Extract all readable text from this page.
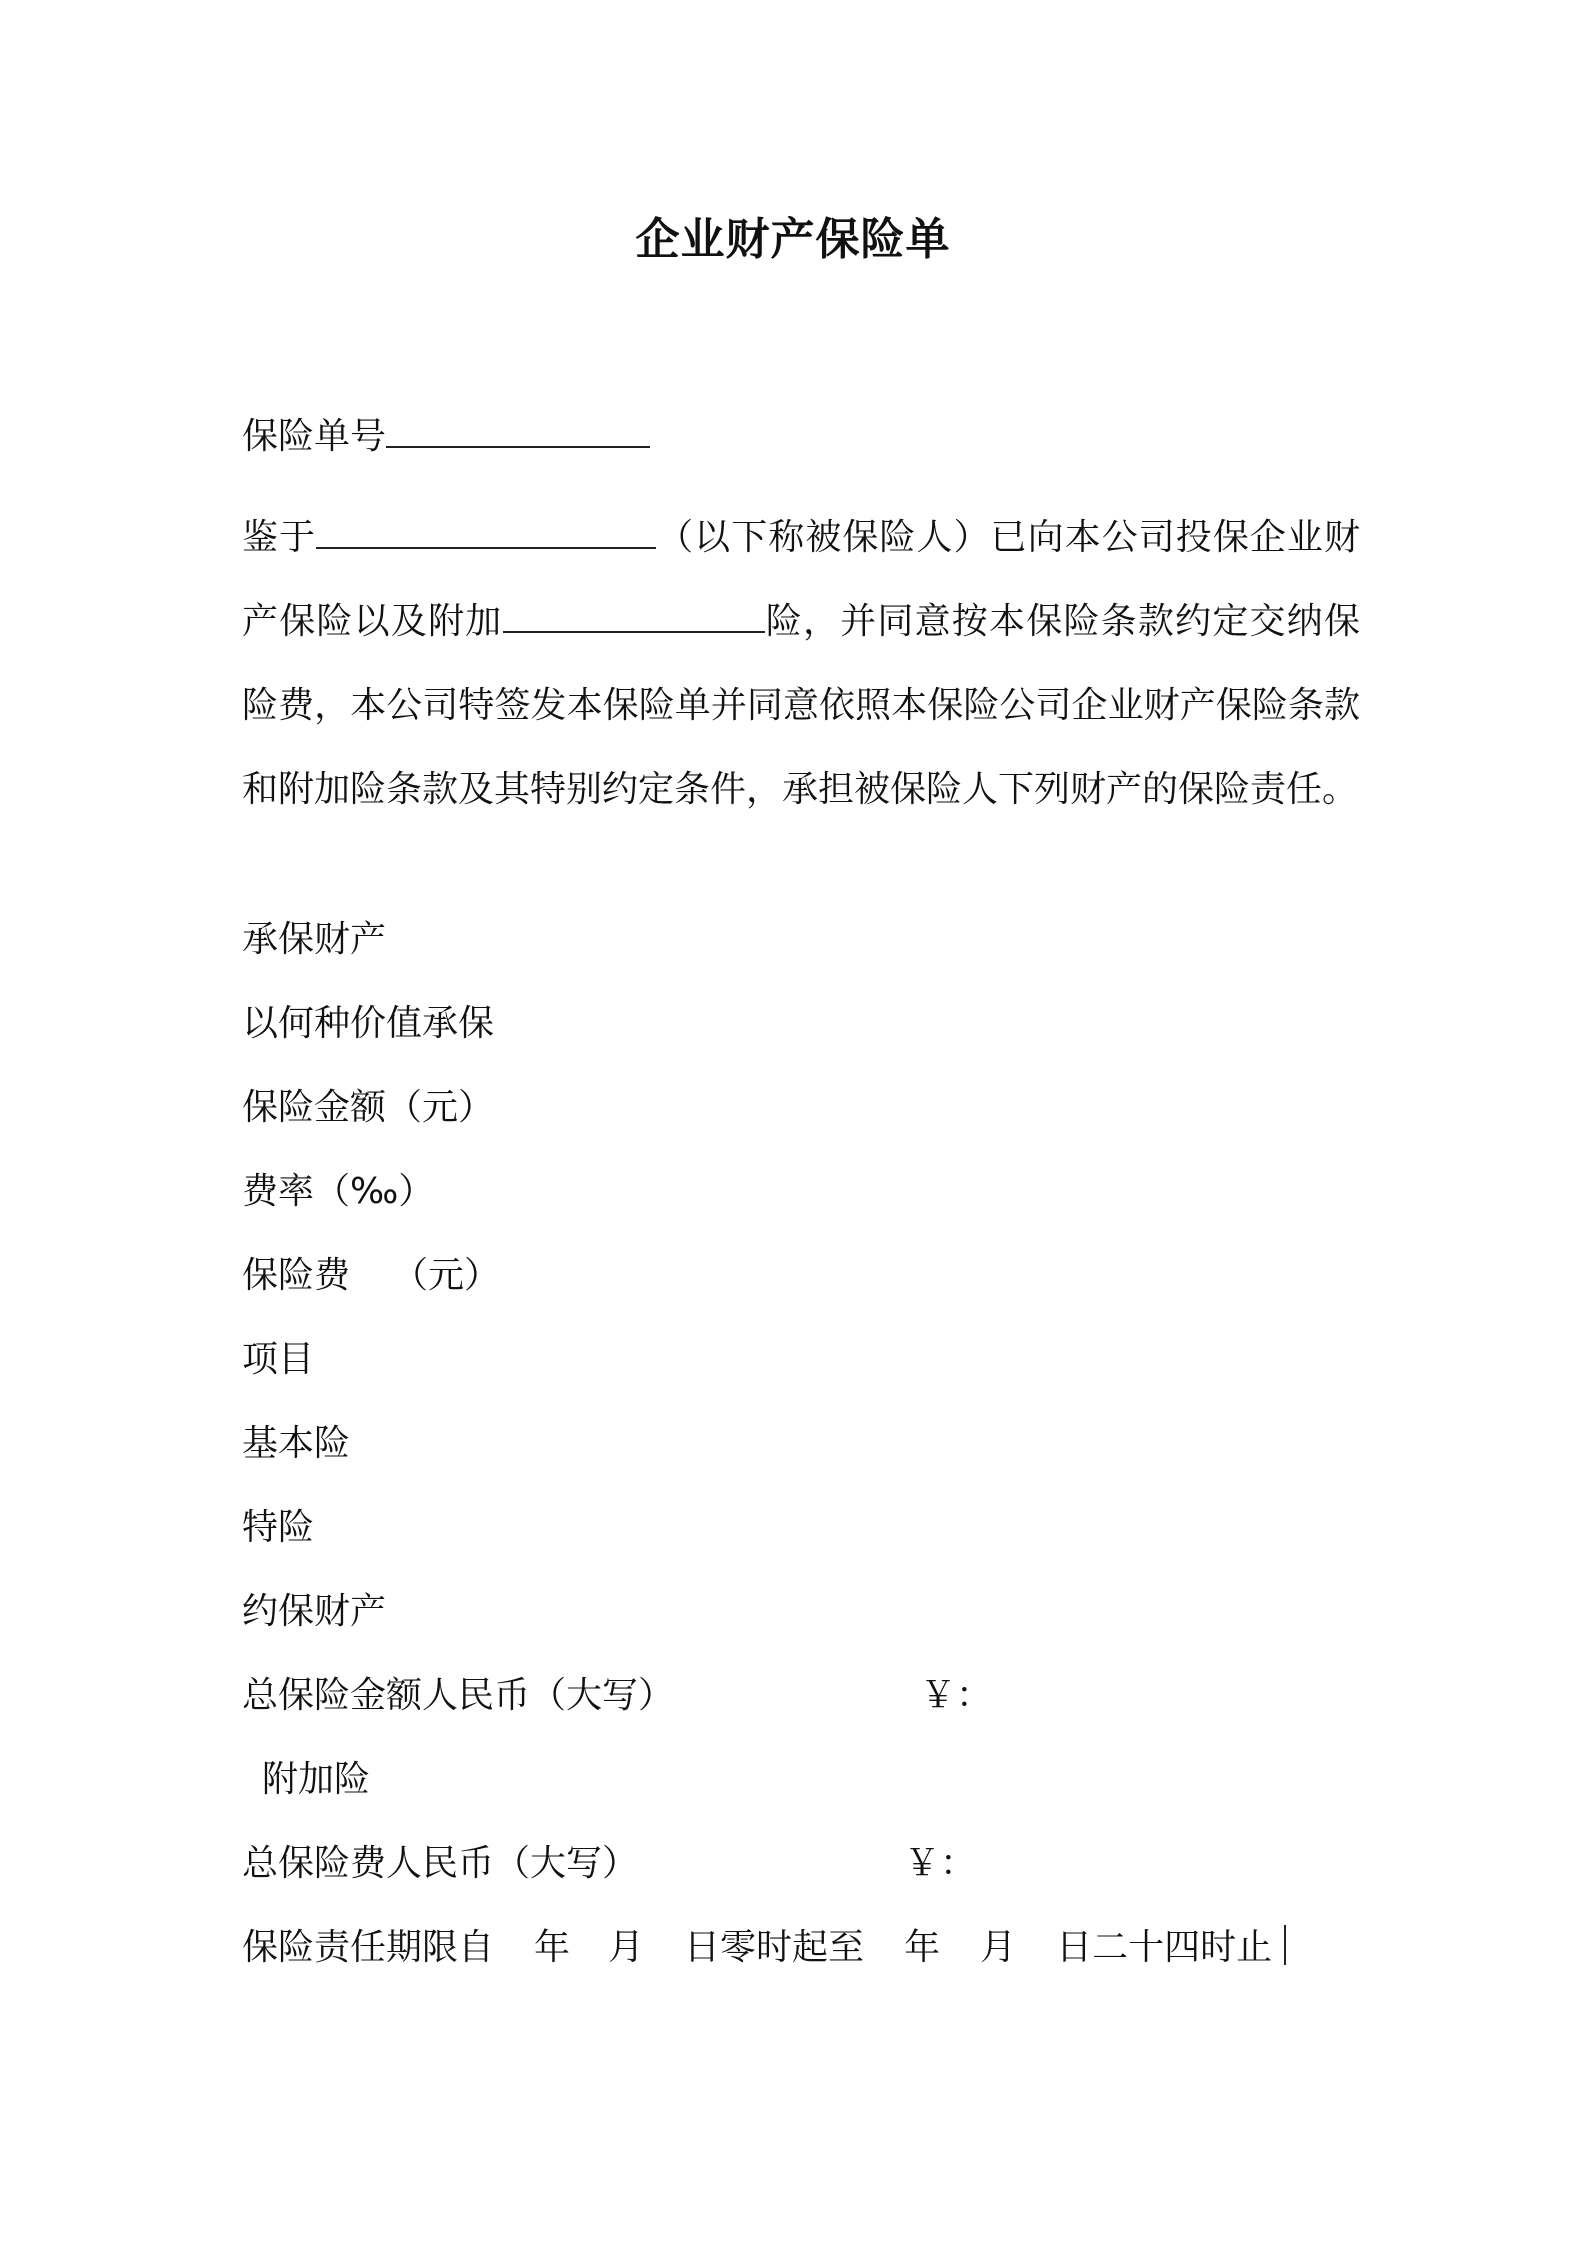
企业财产保险单
保险单号
鉴于	（以下称被保险人）已向本公司投保企业财产保险以及附加	险，并同意按本保险条款约定交纳保险费，本公司特签发本保险单并同意依照本保险公司企业财产保险条款和附加险条款及其特别约定条件，承担被保险人下列财产的保险责任。
承保财产
以何种价值承保
保险金额（元）
费率（‰）
保险费 （元）
项目
基本险
特险
约保财产
总保险金额人民币（大写）	￥：
附加险
总保险费人民币（大写）	￥：
保险责任期限自 年 月 日零时起至 年 月 日二十四时止
